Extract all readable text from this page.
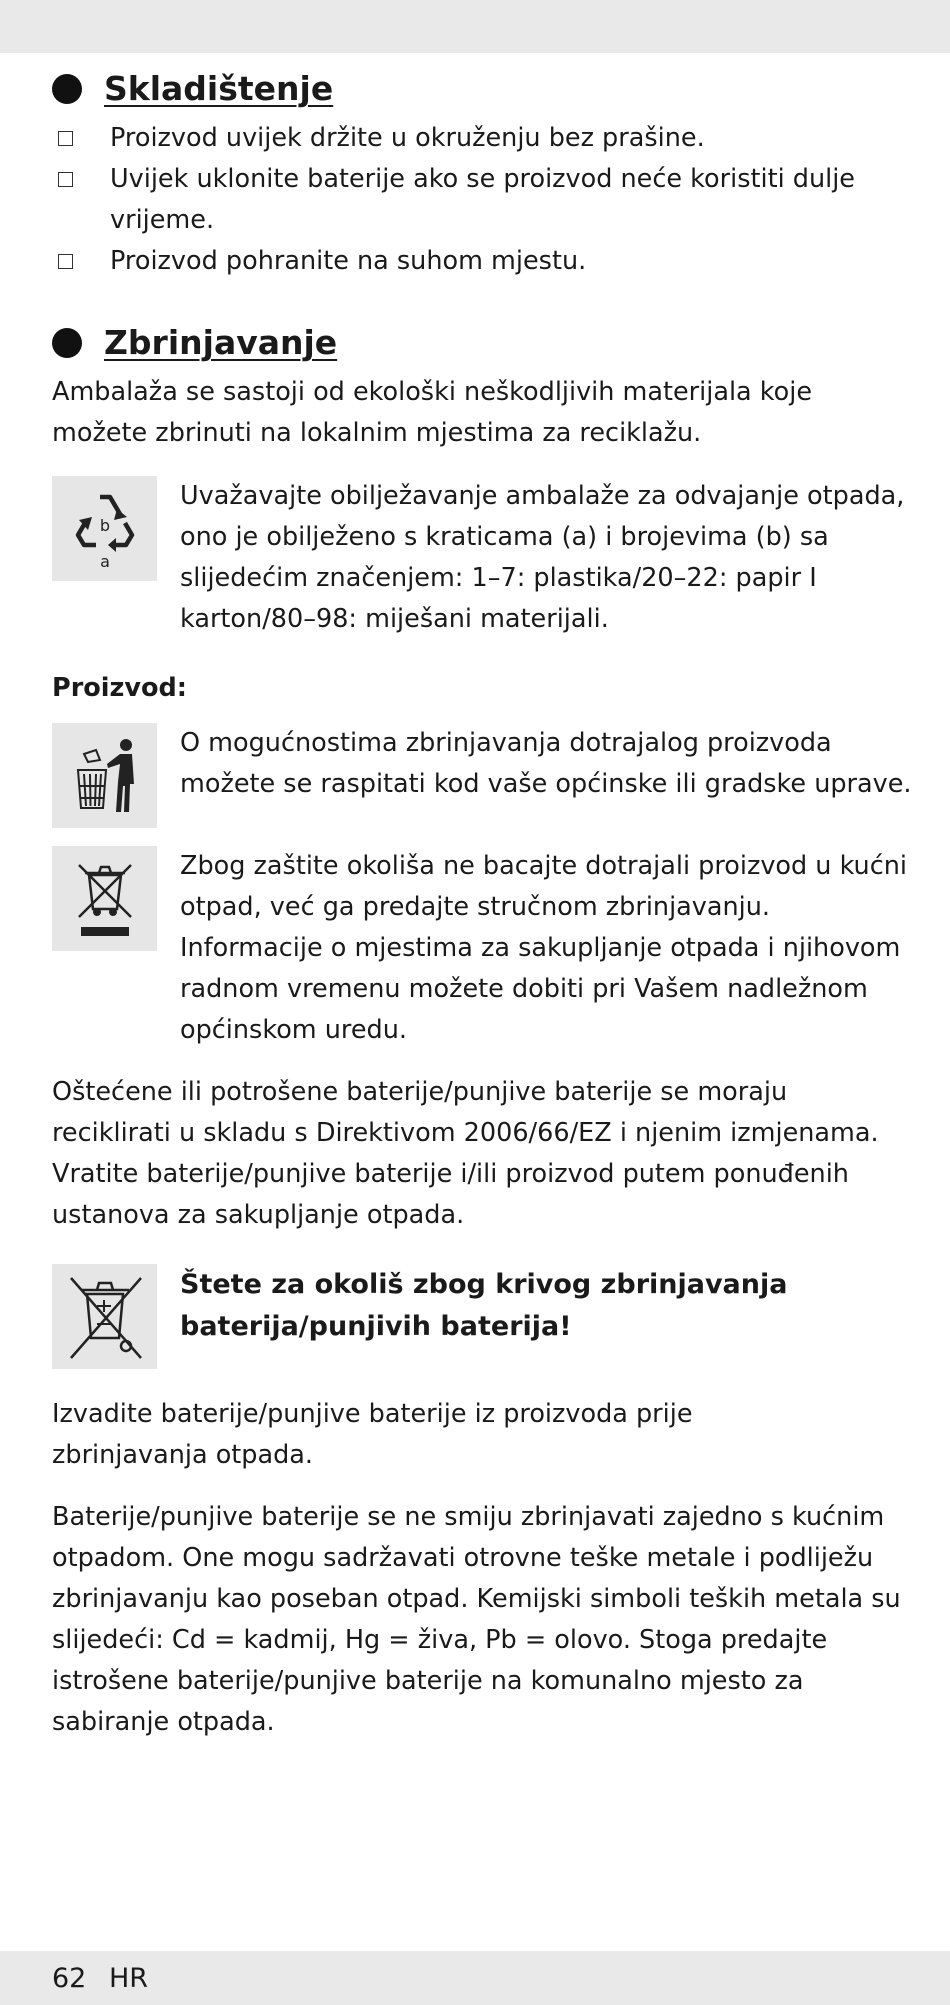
Skladištenje
Proizvod uvijek držite u okruženju bez prašine.
Uvijek uklonite baterije ako se proizvod neće koristiti dulje vrijeme.
Proizvod pohranite na suhom mjestu.
Zbrinjavanje

Ambalaža se sastoji od ekološki neškodljivih materijala koje možete zbrinuti na lokalnim mjestima za reciklažu.

b
a

Uvažavajte obilježavanje ambalaže za odvajanje otpada, ono je obilježeno s kraticama (a) i brojevima (b) sa slijedećim značenjem: 1–7: plastika/20–22: papir I karton/80–98: miješani materijali.

Proizvod:

O mogućnostima zbrinjavanja dotrajalog proizvoda možete se raspitati kod vaše općinske ili gradske uprave.

Zbog zaštite okoliša ne bacajte dotrajali proizvod u kućni otpad, već ga predajte stručnom zbrinjavanju. Informacije o mjestima za sakupljanje otpada i njihovom radnom vremenu možete dobiti pri Vašem nadležnom općinskom uredu.

Oštećene ili potrošene baterije/punjive baterije se moraju reciklirati u skladu s Direktivom 2006/66/EZ i njenim izmjenama. Vratite baterije/punjive baterije i/ili proizvod putem ponuđenih ustanova za sakupljanje otpada.

Štete za okoliš zbog krivog zbrinjavanja baterija/punjivih baterija!

Izvadite baterije/punjive baterije iz proizvoda prije zbrinjavanja otpada.

Baterije/punjive baterije se ne smiju zbrinjavati zajedno s kućnim otpadom. One mogu sadržavati otrovne teške metale i podliježu zbrinjavanju kao poseban otpad. Kemijski simboli teških metala su slijedeći: Cd = kadmij, Hg = živa, Pb = olovo. Stoga predajte istrošene baterije/punjive baterije na komunalno mjesto za sabiranje otpada.

62 HR
